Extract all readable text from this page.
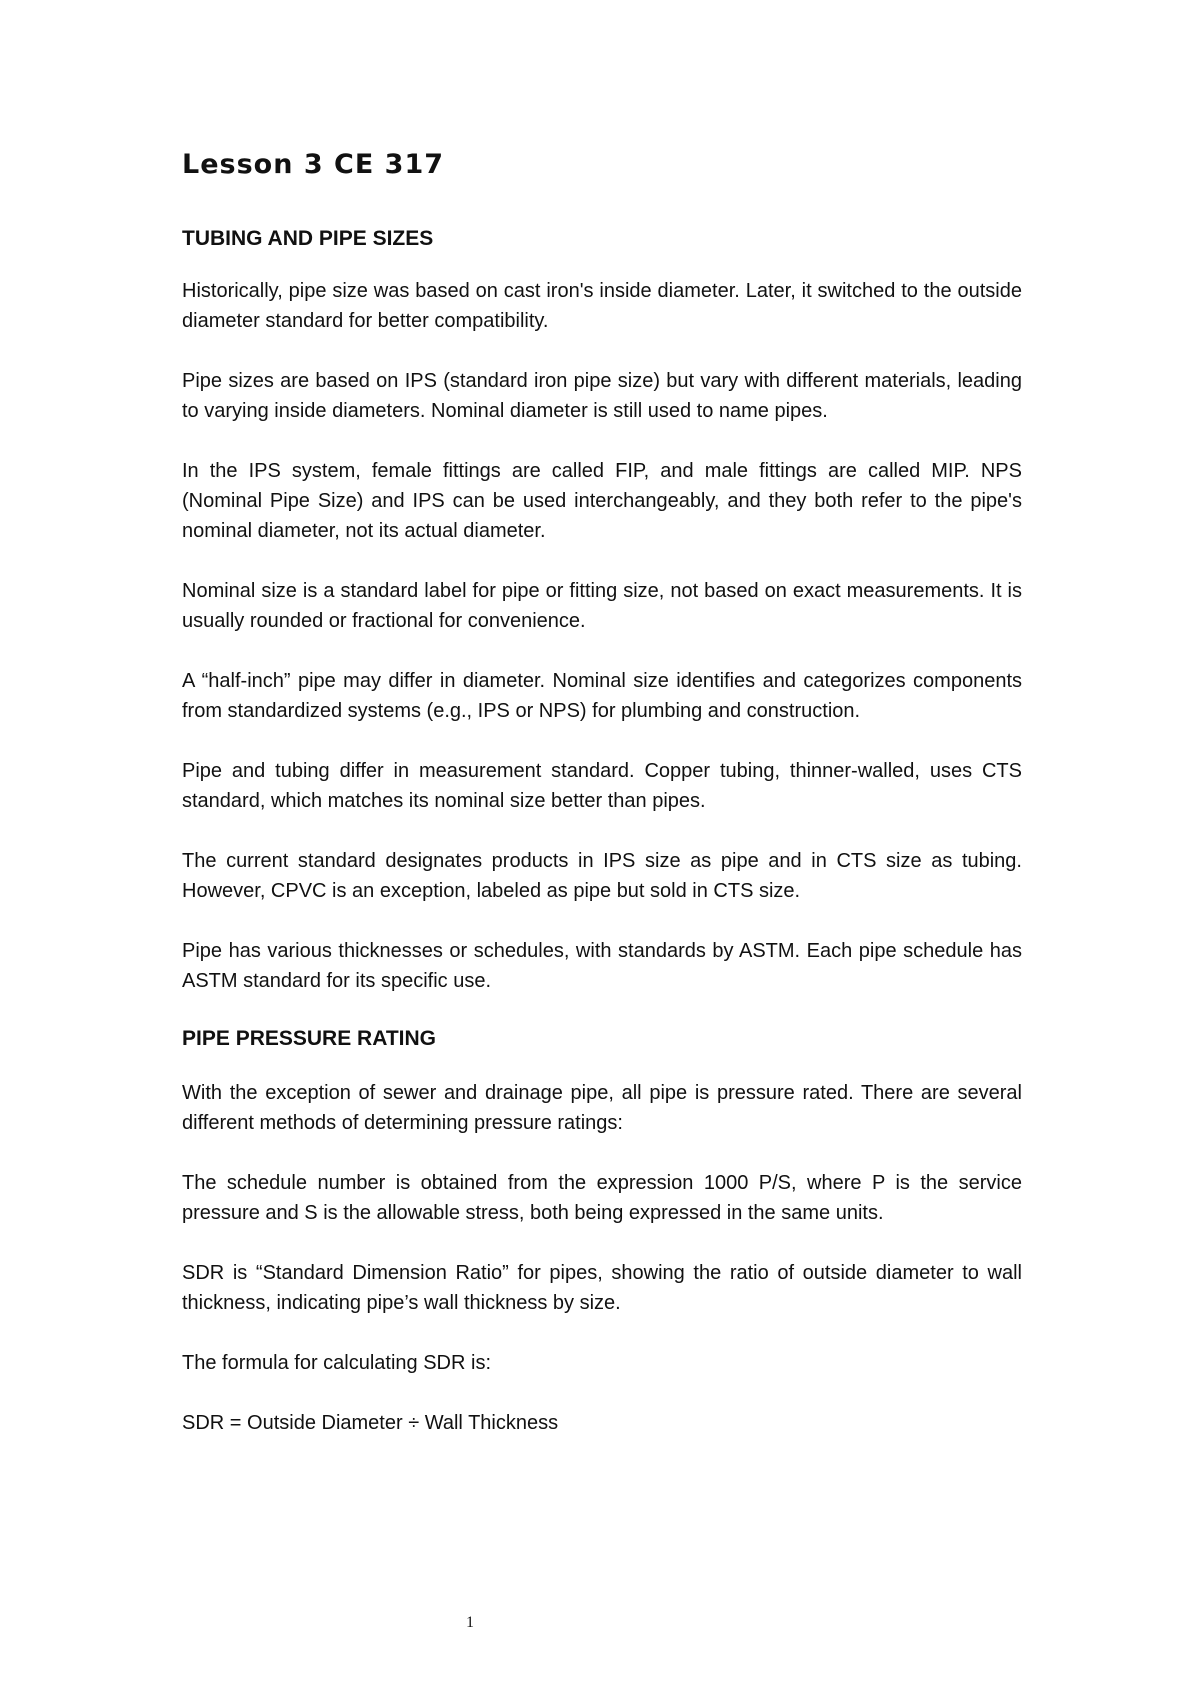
Lesson 3 CE 317
TUBING AND PIPE SIZES

Historically, pipe size was based on cast iron's inside diameter. Later, it switched to the outside diameter standard for better compatibility.

Pipe sizes are based on IPS (standard iron pipe size) but vary with different materials, leading to varying inside diameters. Nominal diameter is still used to name pipes.

In the IPS system, female fittings are called FIP, and male fittings are called MIP. NPS (Nominal Pipe Size) and IPS can be used interchangeably, and they both refer to the pipe's nominal diameter, not its actual diameter.

Nominal size is a standard label for pipe or fitting size, not based on exact measurements. It is usually rounded or fractional for convenience.

A “half-inch” pipe may differ in diameter. Nominal size identifies and categorizes components from standardized systems (e.g., IPS or NPS) for plumbing and construction.

Pipe and tubing differ in measurement standard. Copper tubing, thinner-walled, uses CTS standard, which matches its nominal size better than pipes.

The current standard designates products in IPS size as pipe and in CTS size as tubing. However, CPVC is an exception, labeled as pipe but sold in CTS size.

Pipe has various thicknesses or schedules, with standards by ASTM. Each pipe schedule has ASTM standard for its specific use.

PIPE PRESSURE RATING

With the exception of sewer and drainage pipe, all pipe is pressure rated. There are several different methods of determining pressure ratings:

The schedule number is obtained from the expression 1000 P/S, where P is the service pressure and S is the allowable stress, both being expressed in the same units.

SDR is “Standard Dimension Ratio” for pipes, showing the ratio of outside diameter to wall thickness, indicating pipe’s wall thickness by size.

The formula for calculating SDR is:

SDR = Outside Diameter ÷ Wall Thickness

1
